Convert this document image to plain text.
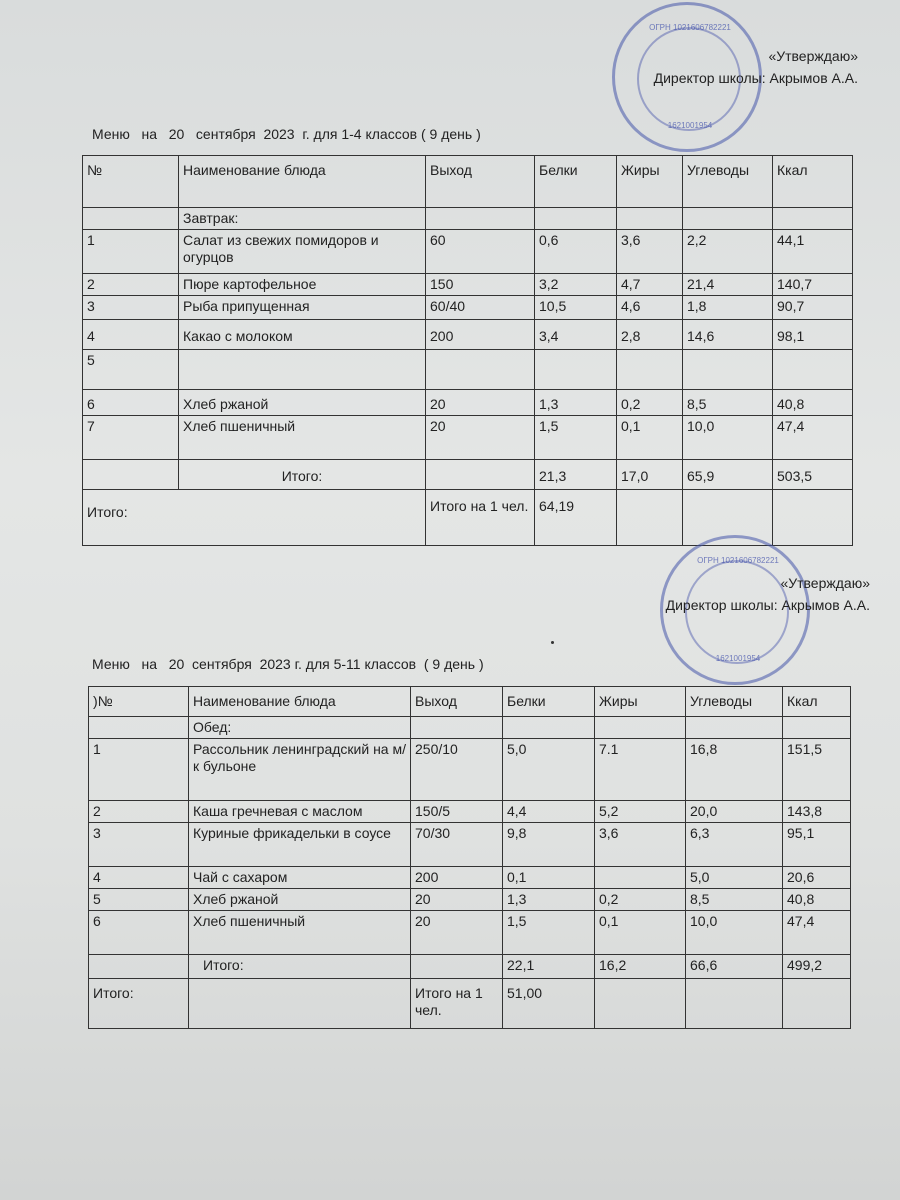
ОГРН 1021606782221

1621001954
«Утверждаю»
Директор школы: Акрымов А.А.
Меню   на   20   сентября  2023  г. для 1-4 классов ( 9 день )
№	Наименование блюда	Выход	Белки	Жиры	Углеводы	Ккал
	Завтрак:					
1	Салат из свежих помидоров и огурцов	60	0,6	3,6	2,2	44,1
2	Пюре картофельное	150	3,2	4,7	21,4	140,7
3	Рыба припущенная	60/40	10,5	4,6	1,8	90,7
4	Какао с молоком	200	3,4	2,8	14,6	98,1
5						
6	Хлеб ржаной	20	1,3	0,2	8,5	40,8
7	Хлеб пшеничный	20	1,5	0,1	10,0	47,4
	Итого:		21,3	17,0	65,9	503,5
Итого:		Итого на 1 чел.	64,19			
ОГРН 1021606782221

1621001954
«Утверждаю»
Директор школы: Акрымов А.А.
Меню   на   20  сентября  2023 г. для 5-11 классов  ( 9 день )
)№	Наименование блюда	Выход	Белки	Жиры	Углеводы	Ккал
	Обед:					
1	Рассольник ленинградский на м/к бульоне	250/10	5,0	7.1	16,8	151,5
2	Каша гречневая с маслом	150/5	4,4	5,2	20,0	143,8
3	Куриные фрикадельки в соусе	70/30	9,8	3,6	6,3	95,1
4	Чай с сахаром	200	0,1		5,0	20,6
5	Хлеб ржаной	20	1,3	0,2	8,5	40,8
6	Хлеб пшеничный	20	1,5	0,1	10,0	47,4
	Итого:		22,1	16,2	66,6	499,2
Итого:		Итого на 1 чел.	51,00			
